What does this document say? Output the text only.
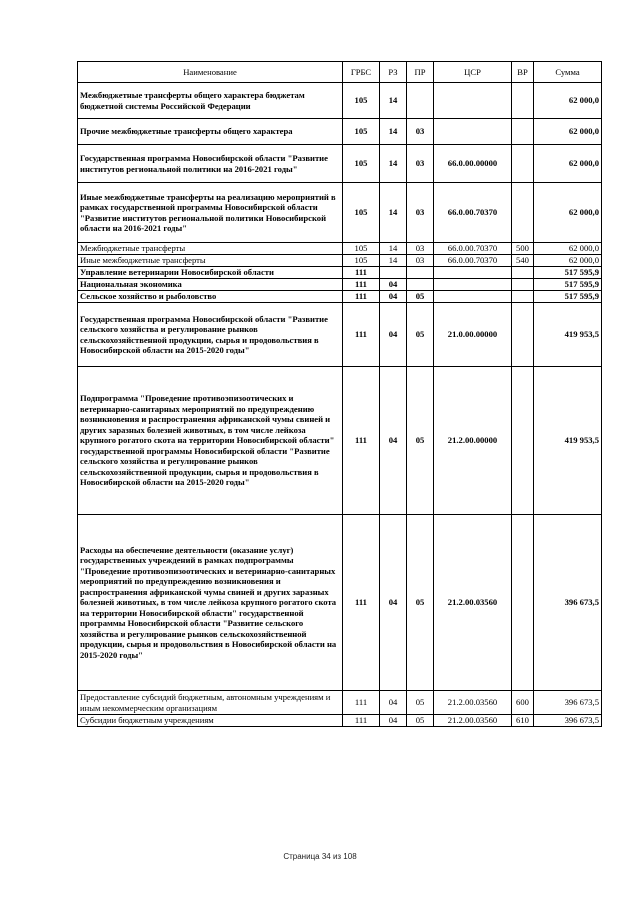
Наименование	ГРБС	РЗ	ПР	ЦСР	ВР	Сумма
Межбюджетные трансферты общего характера бюджетам бюджетной системы Российской Федерации	105	14				62 000,0
Прочие межбюджетные трансферты общего характера	105	14	03			62 000,0
Государственная программа Новосибирской области "Развитие институтов региональной политики на 2016-2021 годы"	105	14	03	66.0.00.00000		62 000,0
Иные межбюджетные трансферты на реализацию мероприятий в рамках государственной программы Новосибирской области "Развитие институтов региональной политики Новосибирской области на 2016-2021 годы"	105	14	03	66.0.00.70370		62 000,0
Межбюджетные трансферты	105	14	03	66.0.00.70370	500	62 000,0
Иные межбюджетные трансферты	105	14	03	66.0.00.70370	540	62 000,0
Управление ветеринарии Новосибирской области	111					517 595,9
Национальная экономика	111	04				517 595,9
Сельское хозяйство и рыболовство	111	04	05			517 595,9
Государственная программа Новосибирской области "Развитие сельского хозяйства и регулирование рынков сельскохозяйственной продукции, сырья и продовольствия в Новосибирской области на 2015-2020 годы"	111	04	05	21.0.00.00000		419 953,5
Подпрограмма "Проведение противоэпизоотических и ветеринарно-санитарных мероприятий по предупреждению возникновения и распространения африканской чумы свиней и других заразных болезней животных, в том числе лейкоза крупного рогатого скота на территории Новосибирской области" государственной программы Новосибирской области "Развитие сельского хозяйства и регулирование рынков сельскохозяйственной продукции, сырья и продовольствия в Новосибирской области на 2015-2020 годы"	111	04	05	21.2.00.00000		419 953,5
Расходы на обеспечение деятельности (оказание услуг) государственных учреждений в рамках подпрограммы "Проведение противоэпизоотических и ветеринарно-санитарных мероприятий по предупреждению возникновения и распространения африканской чумы свиней и других заразных болезней животных, в том числе лейкоза крупного рогатого скота на территории Новосибирской области" государственной программы Новосибирской области "Развитие сельского хозяйства и регулирование рынков сельскохозяйственной продукции, сырья и продовольствия в Новосибирской области на 2015-2020 годы"	111	04	05	21.2.00.03560		396 673,5
Предоставление субсидий бюджетным, автономным учреждениям и иным некоммерческим организациям	111	04	05	21.2.00.03560	600	396 673,5
Субсидии бюджетным учреждениям	111	04	05	21.2.00.03560	610	396 673,5
Страница 34 из 108
